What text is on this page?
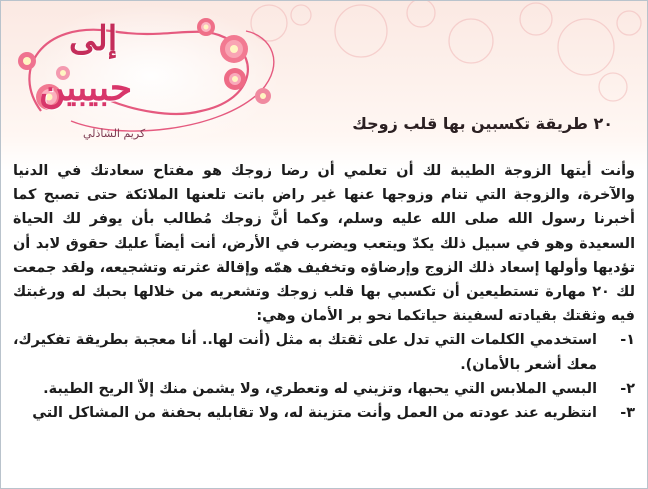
إلى
حبيبين
كريم الشاذلي
٢٠ طريقة تكسبين بها قلب زوجك

وأنت أيتها الزوجة الطيبة لك أن تعلمي أن رضا زوجك هو مفتاح سعادتك في الدنيا والآخرة، والزوجة التي تنام وزوجها عنها غير راض باتت تلعنها الملائكة حتى تصبح كما أخبرنا رسول الله صلى الله عليه وسلم، وكما أنَّ زوجك مُطالب بأن يوفر لك الحياة السعيدة وهو في سبيل ذلك يكدّ ويتعب ويضرب في الأرض، أنت أيضاً عليك حقوق لابد أن تؤديها وأولها إسعاد ذلك الزوج وإرضاؤه وتخفيف همّه وإقالة عثرته وتشجيعه، ولقد جمعت لك ٢٠ مهارة تستطيعين أن تكسبي بها قلب زوجك وتشعريه من خلالها بحبك له ورغبتك فيه وثقتك بقيادته لسفينة حياتكما نحو بر الأمان وهي:

١-
استخدمي الكلمات التي تدل على ثقتك به مثل (أنت لها.. أنا معجبة بطريقة تفكيرك، معك أشعر بالأمان).
٢-
البسي الملابس التي يحبها، وتزيني له وتعطري، ولا يشمن منك إلاّ الريح الطيبة.
٣-
انتظريه عند عودته من العمل وأنت متزينة له، ولا تقابليه بحفنة من المشاكل التي
